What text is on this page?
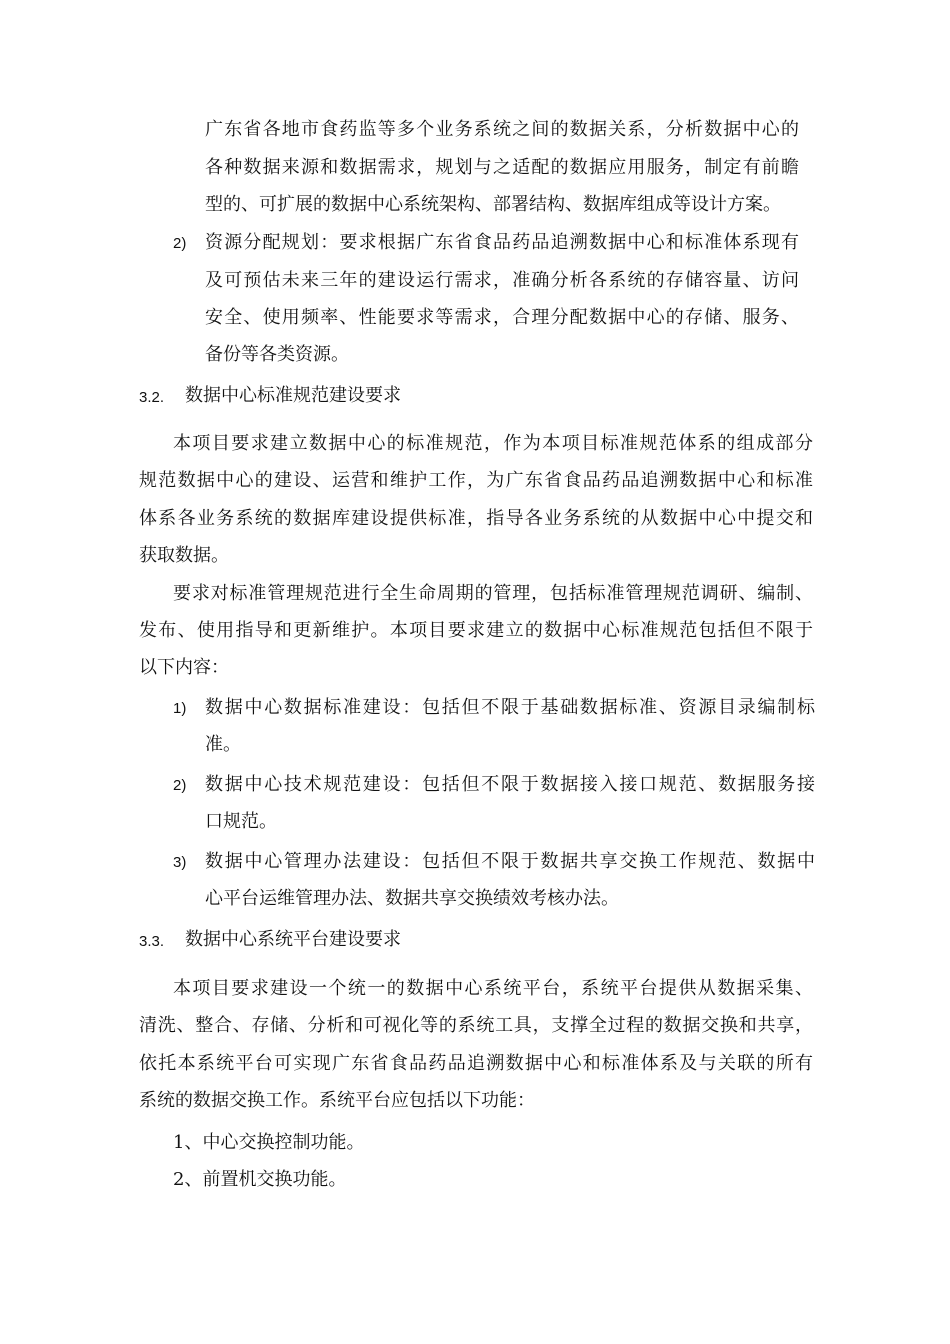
广东省各地市食药监等多个业务系统之间的数据关系，分析数据中心的
各种数据来源和数据需求，规划与之适配的数据应用服务，制定有前瞻
型的、可扩展的数据中心系统架构、部署结构、数据库组成等设计方案。
2) 资源分配规划：要求根据广东省食品药品追溯数据中心和标准体系现有
及可预估未来三年的建设运行需求，准确分析各系统的存储容量、访问
安全、使用频率、性能要求等需求，合理分配数据中心的存储、服务、
备份等各类资源。
3.2. 数据中心标准规范建设要求
本项目要求建立数据中心的标准规范，作为本项目标准规范体系的组成部分
规范数据中心的建设、运营和维护工作，为广东省食品药品追溯数据中心和标准
体系各业务系统的数据库建设提供标准，指导各业务系统的从数据中心中提交和
获取数据。
要求对标准管理规范进行全生命周期的管理，包括标准管理规范调研、编制、
发布、使用指导和更新维护。本项目要求建立的数据中心标准规范包括但不限于
以下内容：
1) 数据中心数据标准建设：包括但不限于基础数据标准、资源目录编制标
准。
2) 数据中心技术规范建设：包括但不限于数据接入接口规范、数据服务接
口规范。
3) 数据中心管理办法建设：包括但不限于数据共享交换工作规范、数据中
心平台运维管理办法、数据共享交换绩效考核办法。
3.3. 数据中心系统平台建设要求
本项目要求建设一个统一的数据中心系统平台，系统平台提供从数据采集、
清洗、整合、存储、分析和可视化等的系统工具，支撑全过程的数据交换和共享，
依托本系统平台可实现广东省食品药品追溯数据中心和标准体系及与关联的所有
系统的数据交换工作。系统平台应包括以下功能：
1、中心交换控制功能。
2、前置机交换功能。
